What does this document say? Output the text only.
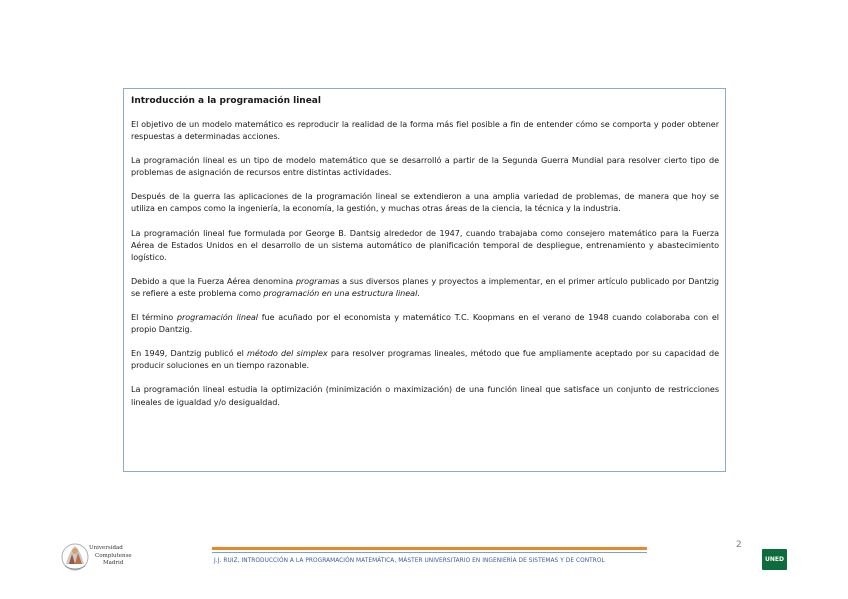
Introducción a la programación lineal

El objetivo de un modelo matemático es reproducir la realidad de la forma más fiel posible a fin de entender cómo se comporta y poder obtener respuestas a determinadas acciones.

La programación lineal es un tipo de modelo matemático que se desarrolló a partir de la Segunda Guerra Mundial para resolver cierto tipo de problemas de asignación de recursos entre distintas actividades.

Después de la guerra las aplicaciones de la programación lineal se extendieron a una amplia variedad de problemas, de manera que hoy se utiliza en campos como la ingeniería, la economía, la gestión, y muchas otras áreas de la ciencia, la técnica y la industria.

La programación lineal fue formulada por George B. Dantsig alrededor de 1947, cuando trabajaba como consejero matemático para la Fuerza Aérea de Estados Unidos en el desarrollo de un sistema automático de planificación temporal de despliegue, entrenamiento y abastecimiento logístico.

Debido a que la Fuerza Aérea denomina programas a sus diversos planes y proyectos a implementar, en el primer artículo publicado por Dantzig se refiere a este problema como programación en una estructura lineal.

El término programación lineal fue acuñado por el economista y matemático T.C. Koopmans en el verano de 1948 cuando colaboraba con el propio Dantzig.

En 1949, Dantzig publicó el método del simplex para resolver programas lineales, método que fue ampliamente aceptado por su capacidad de producir soluciones en un tiempo razonable.

La programación lineal estudia la optimización (minimización o maximización) de una función lineal que satisface un conjunto de restricciones lineales de igualdad y/o desigualdad.

2
Universidad
Complutense
Madrid	J.J. RUIZ, INTRODUCCIÓN A LA PROGRAMACIÓN MATEMÁTICA, MÁSTER UNIVERSITARIO EN INGENIERÍA DE SISTEMAS Y DE CONTROL	UNED
